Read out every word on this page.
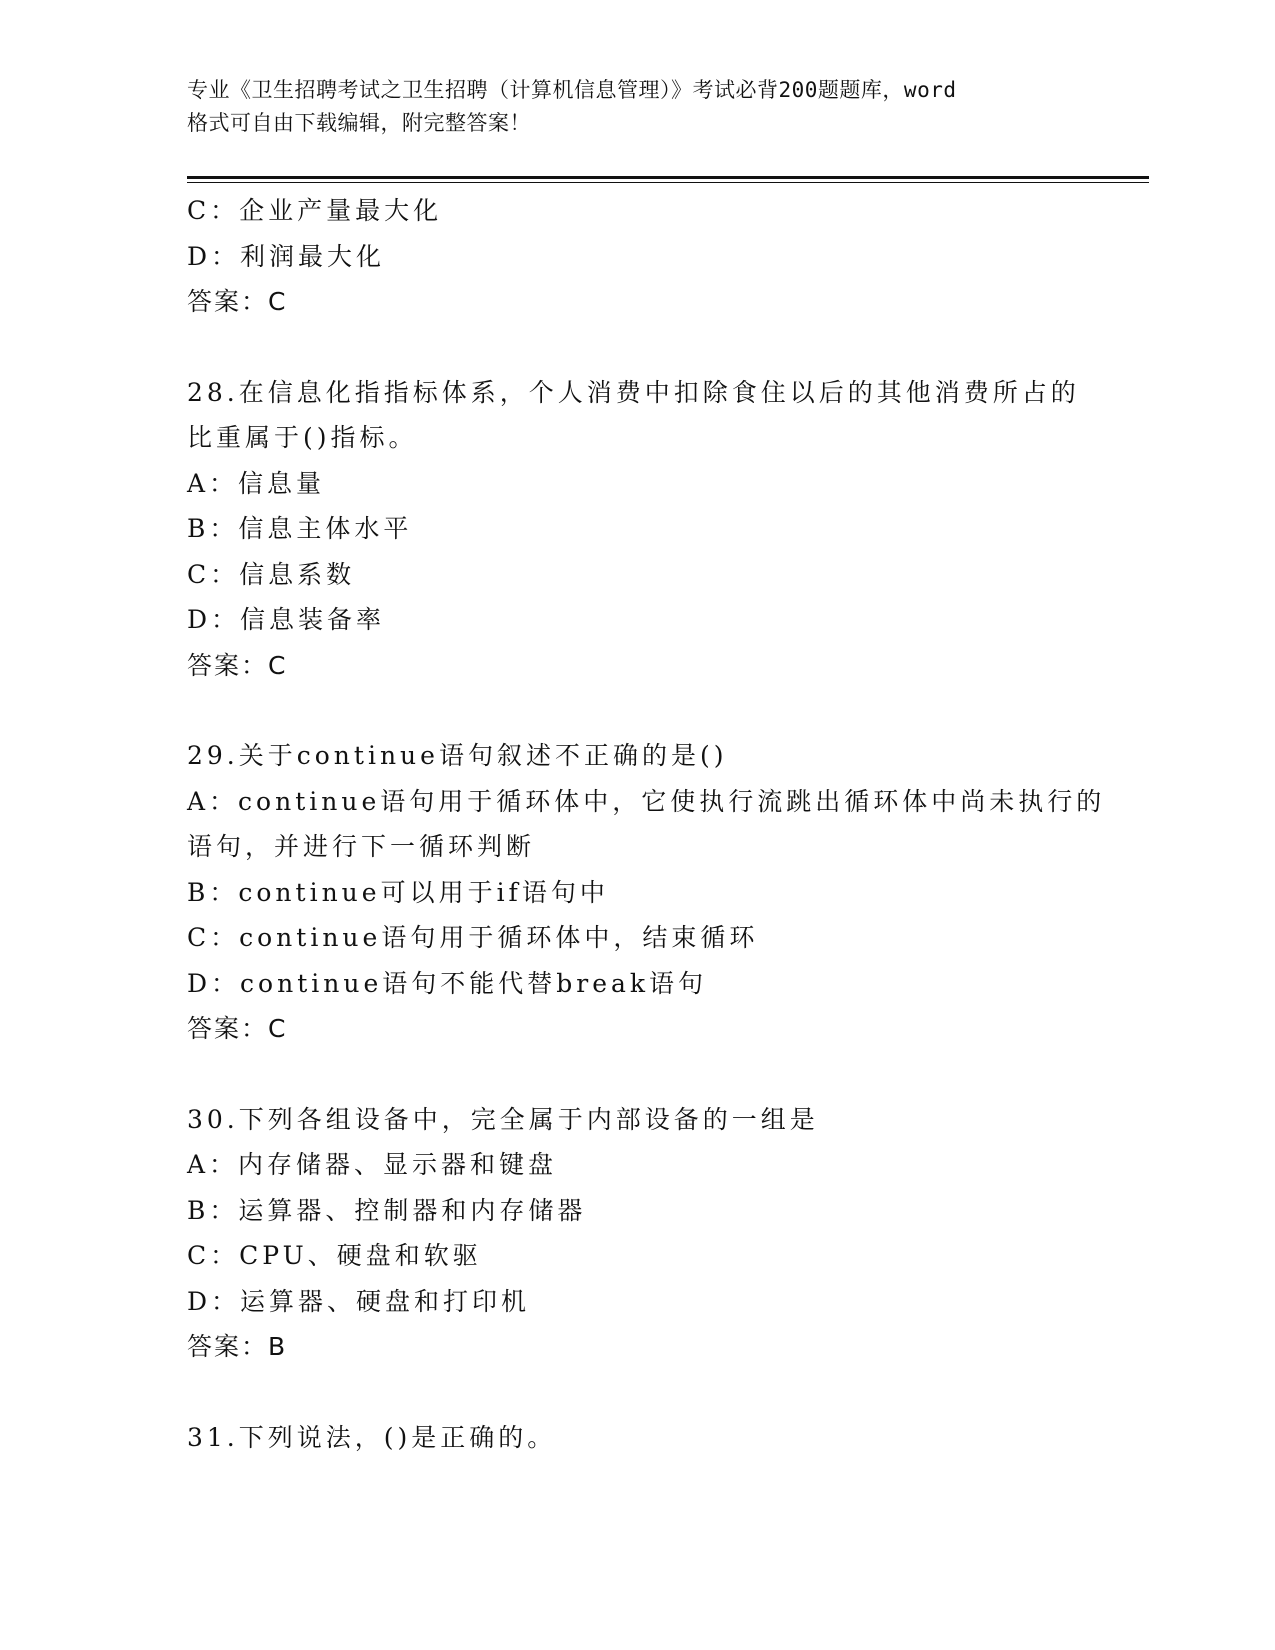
专业《卫生招聘考试之卫生招聘（计算机信息管理）》考试必背200题题库，word
格式可自由下载编辑，附完整答案！
C：企业产量最大化
D：利润最大化
答案：C
28.在信息化指指标体系，个人消费中扣除食住以后的其他消费所占的
比重属于()指标。
A：信息量
B：信息主体水平
C：信息系数
D：信息装备率
答案：C
29.关于continue语句叙述不正确的是()
A：continue语句用于循环体中，它使执行流跳出循环体中尚未执行的
语句，并进行下一循环判断
B：continue可以用于if语句中
C：continue语句用于循环体中，结束循环
D：continue语句不能代替break语句
答案：C
30.下列各组设备中，完全属于内部设备的一组是
A：内存储器、显示器和键盘
B：运算器、控制器和内存储器
C：CPU、硬盘和软驱
D：运算器、硬盘和打印机
答案：B
31.下列说法，()是正确的。
